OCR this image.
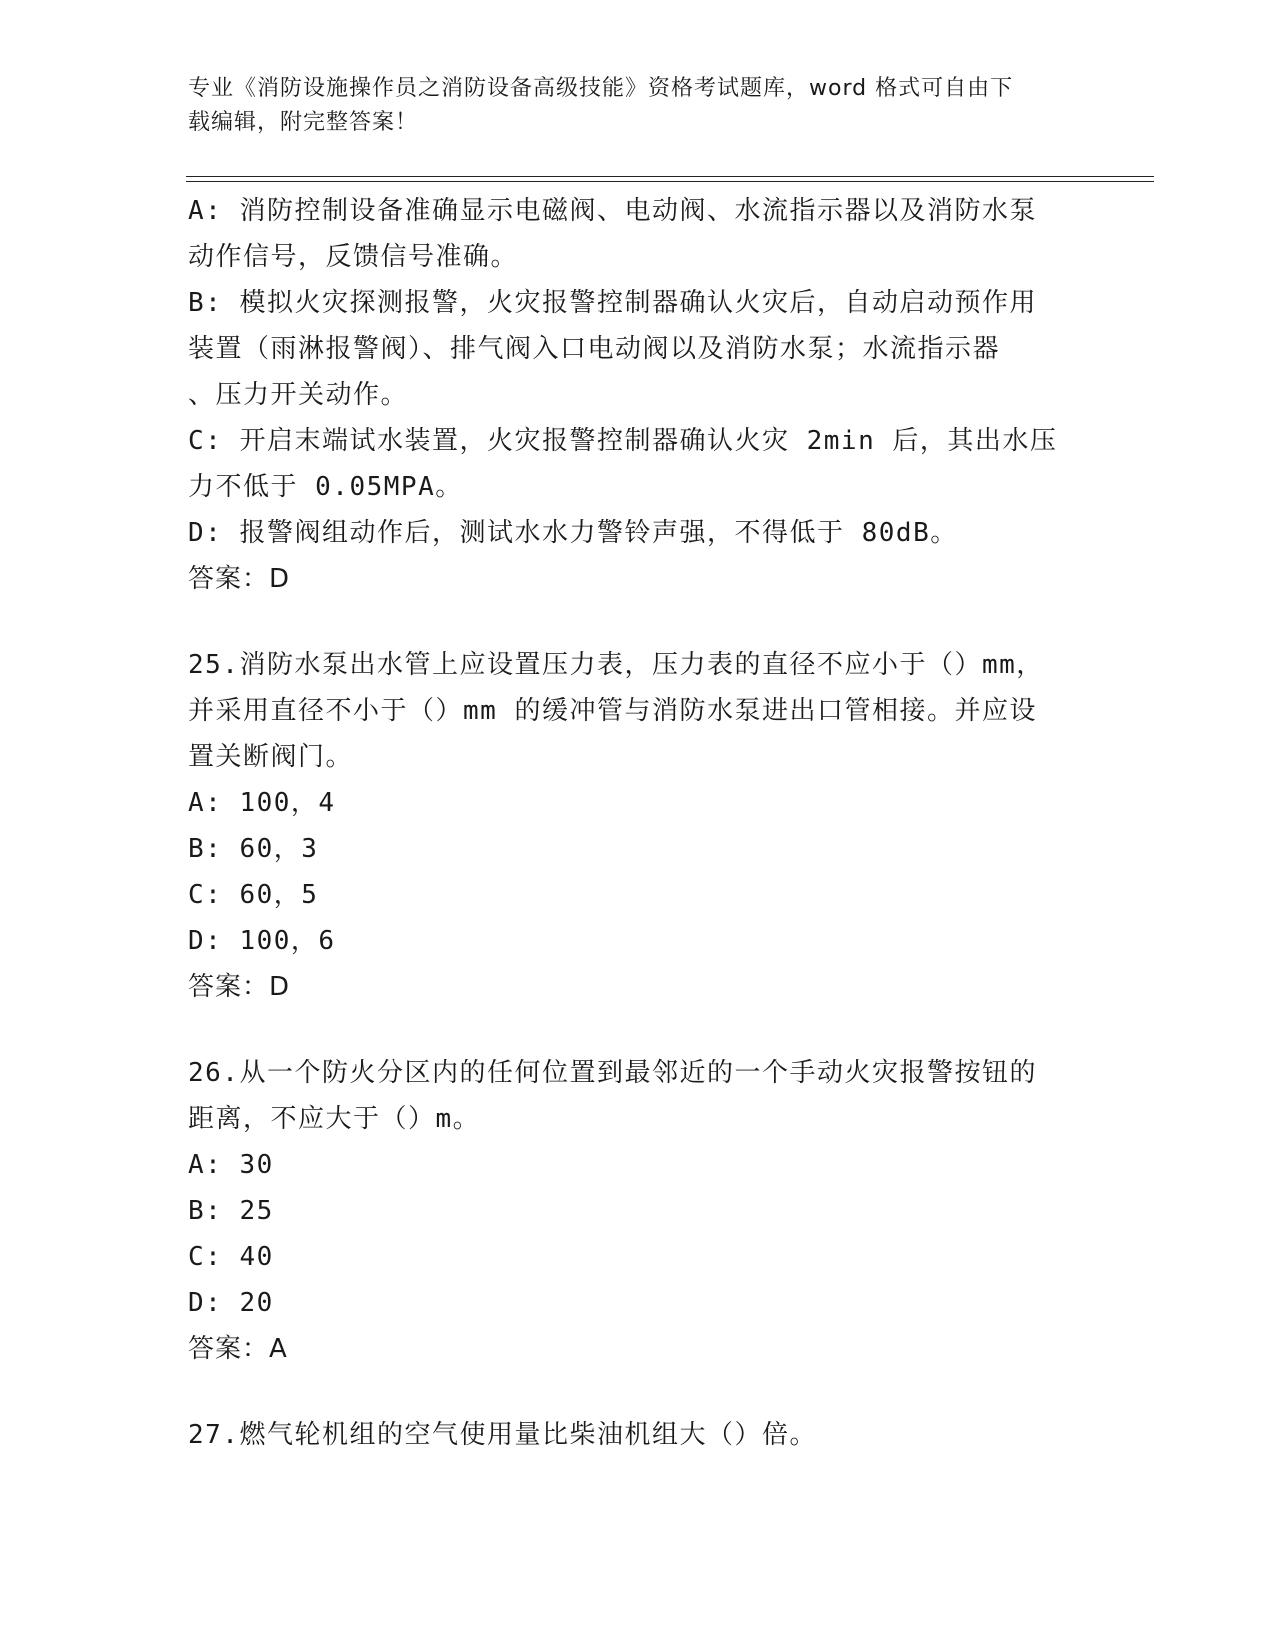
专业《消防设施操作员之消防设备高级技能》资格考试题库，word 格式可自由下
载编辑，附完整答案！
A: 消防控制设备准确显示电磁阀、电动阀、水流指示器以及消防水泵
动作信号，反馈信号准确。
B: 模拟火灾探测报警，火灾报警控制器确认火灾后，自动启动预作用
装置（雨淋报警阀）、排气阀入口电动阀以及消防水泵；水流指示器
、压力开关动作。
C: 开启末端试水装置，火灾报警控制器确认火灾 2min 后，其出水压
力不低于 0.05MPA。
D: 报警阀组动作后，测试水水力警铃声强，不得低于 80dB。
答案：D
25.消防水泵出水管上应设置压力表，压力表的直径不应小于（）mm，
并采用直径不小于（）mm 的缓冲管与消防水泵进出口管相接。并应设
置关断阀门。
A: 100，4
B: 60，3
C: 60，5
D: 100，6
答案：D
26.从一个防火分区内的任何位置到最邻近的一个手动火灾报警按钮的
距离，不应大于（）m。
A: 30
B: 25
C: 40
D: 20
答案：A
27.燃气轮机组的空气使用量比柴油机组大（）倍。
